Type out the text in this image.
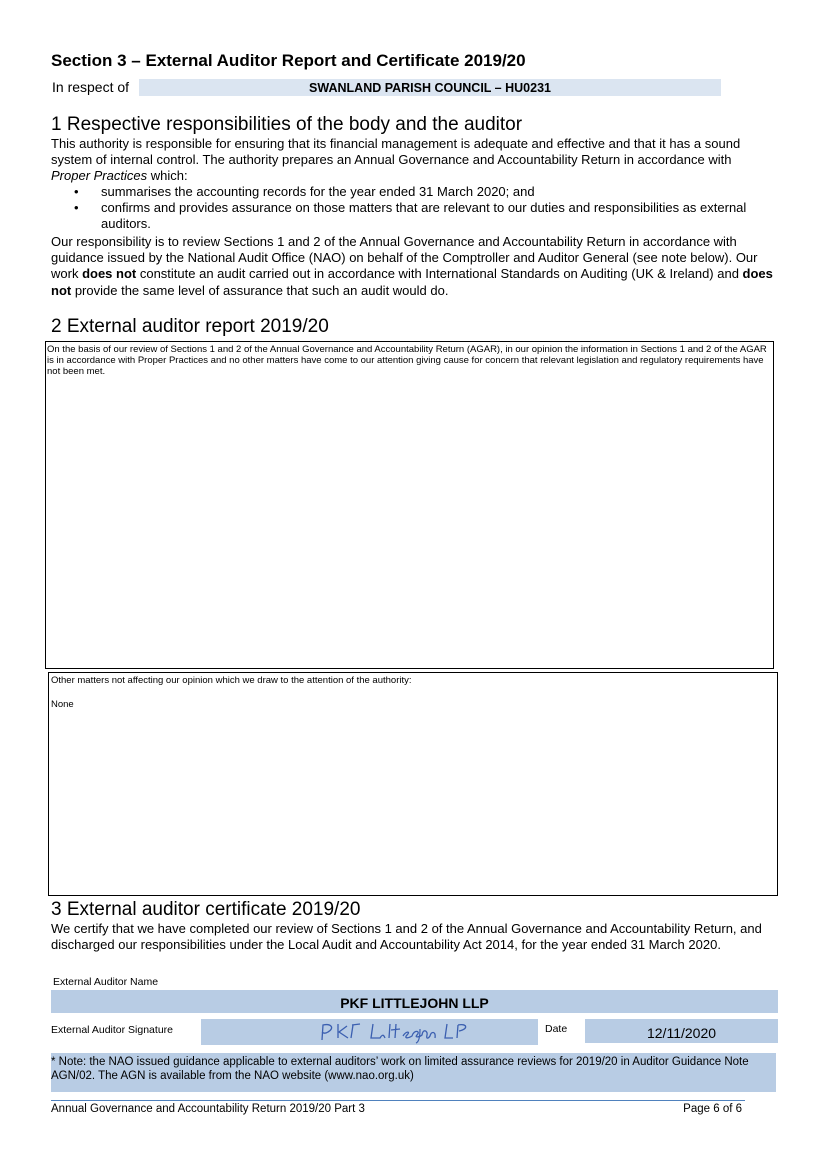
Section 3 – External Auditor Report and Certificate 2019/20
In respect of	SWANLAND PARISH COUNCIL – HU0231
1 Respective responsibilities of the body and the auditor
This authority is responsible for ensuring that its financial management is adequate and effective and that it has a sound system of internal control. The authority prepares an Annual Governance and Accountability Return in accordance with Proper Practices which:
• summarises the accounting records for the year ended 31 March 2020; and
• confirms and provides assurance on those matters that are relevant to our duties and responsibilities as external auditors.
Our responsibility is to review Sections 1 and 2 of the Annual Governance and Accountability Return in accordance with guidance issued by the National Audit Office (NAO) on behalf of the Comptroller and Auditor General (see note below). Our work does not constitute an audit carried out in accordance with International Standards on Auditing (UK & Ireland) and does not provide the same level of assurance that such an audit would do.
2 External auditor report 2019/20
On the basis of our review of Sections 1 and 2 of the Annual Governance and Accountability Return (AGAR), in our opinion the information in Sections 1 and 2 of the AGAR is in accordance with Proper Practices and no other matters have come to our attention giving cause for concern that relevant legislation and regulatory requirements have not been met.
Other matters not affecting our opinion which we draw to the attention of the authority:
None
3 External auditor certificate 2019/20
We certify that we have completed our review of Sections 1 and 2 of the Annual Governance and Accountability Return, and discharged our responsibilities under the Local Audit and Accountability Act 2014, for the year ended 31 March 2020.
External Auditor Name
PKF LITTLEJOHN LLP
External Auditor Signature	Date	12/11/2020
* Note: the NAO issued guidance applicable to external auditors’ work on limited assurance reviews for 2019/20 in Auditor Guidance Note AGN/02. The AGN is available from the NAO website (www.nao.org.uk)
Annual Governance and Accountability Return 2019/20 Part 3	Page 6 of 6
